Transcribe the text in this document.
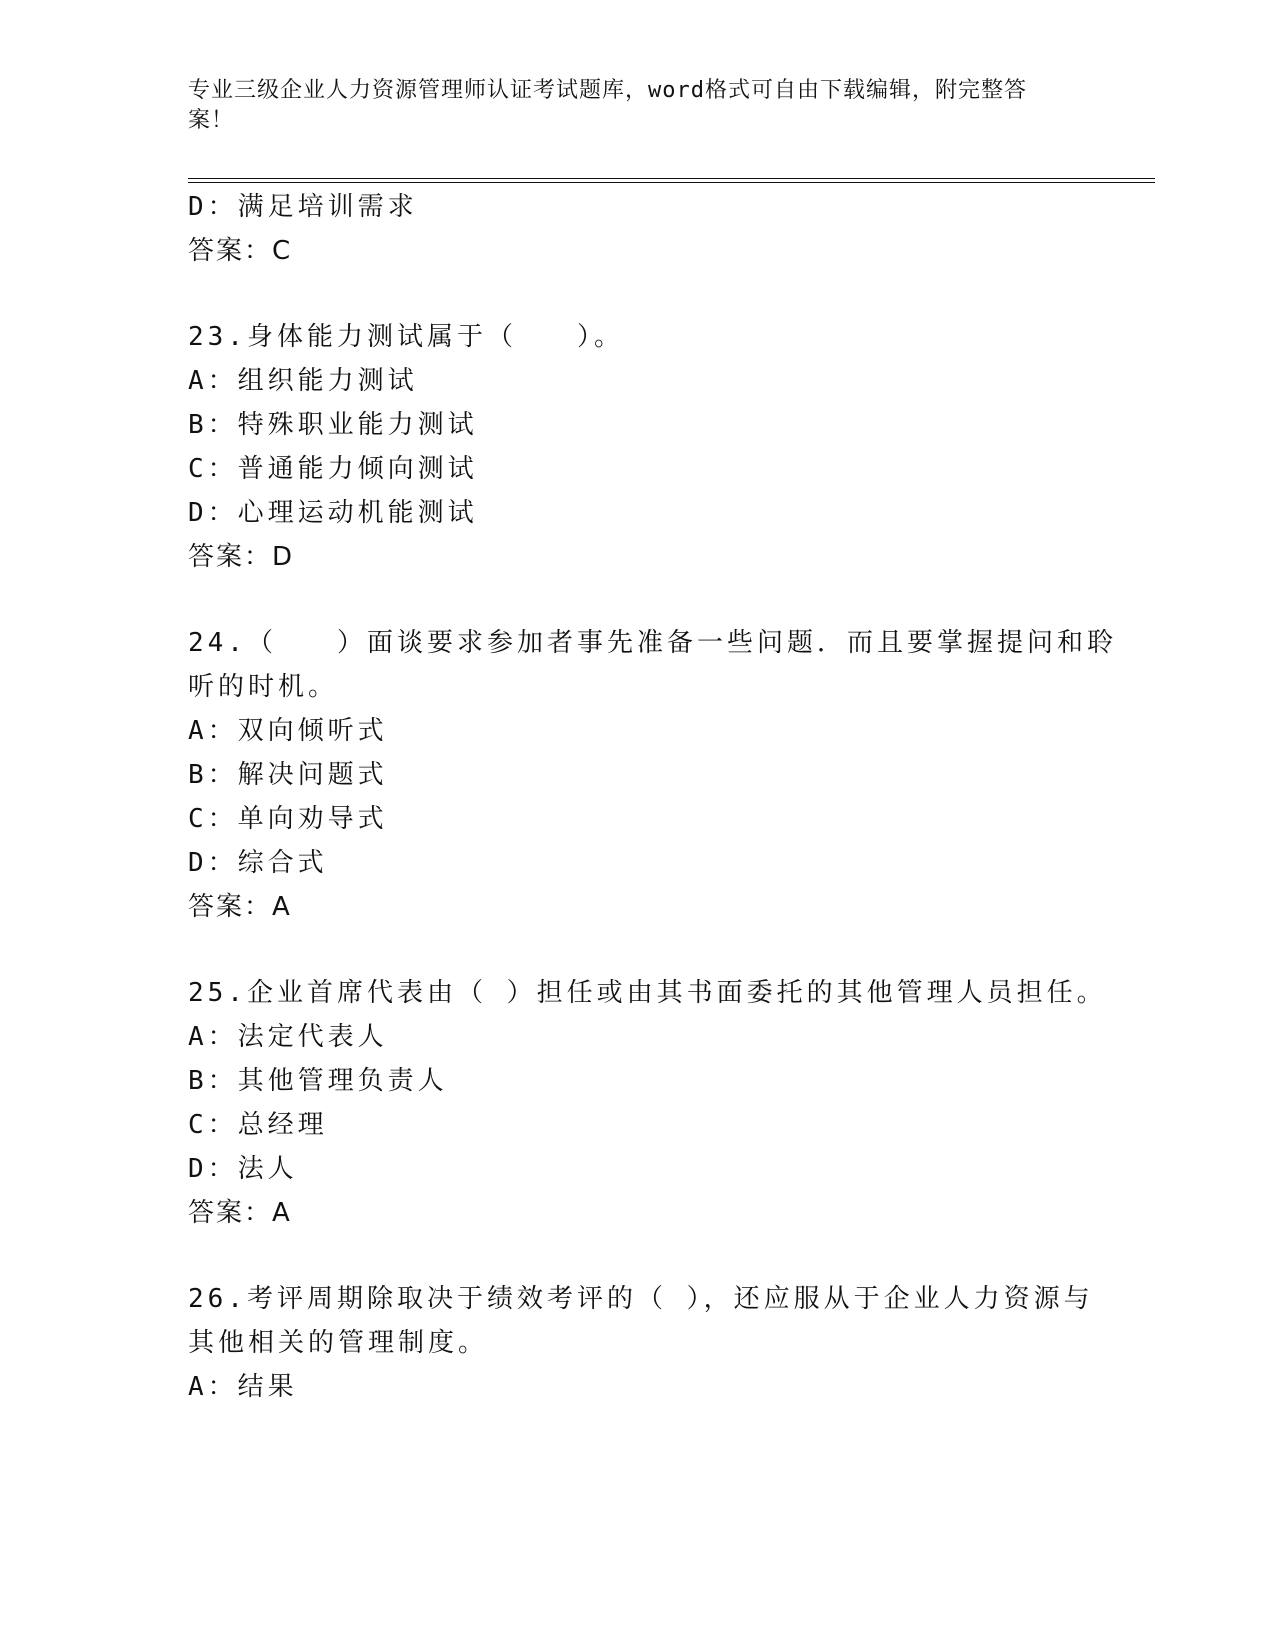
专业三级企业人力资源管理师认证考试题库，word格式可自由下载编辑，附完整答案！
D：满足培训需求
答案：C
23.身体能力测试属于（　　）。
A：组织能力测试
B：特殊职业能力测试
C：普通能力倾向测试
D：心理运动机能测试
答案：D
24.（　　）面谈要求参加者事先准备一些问题．而且要掌握提问和聆
听的时机。
A：双向倾听式
B：解决问题式
C：单向劝导式
D：综合式
答案：A
25.企业首席代表由（ ）担任或由其书面委托的其他管理人员担任。
A：法定代表人
B：其他管理负责人
C：总经理
D：法人
答案：A
26.考评周期除取决于绩效考评的（ ），还应服从于企业人力资源与
其他相关的管理制度。
A：结果
